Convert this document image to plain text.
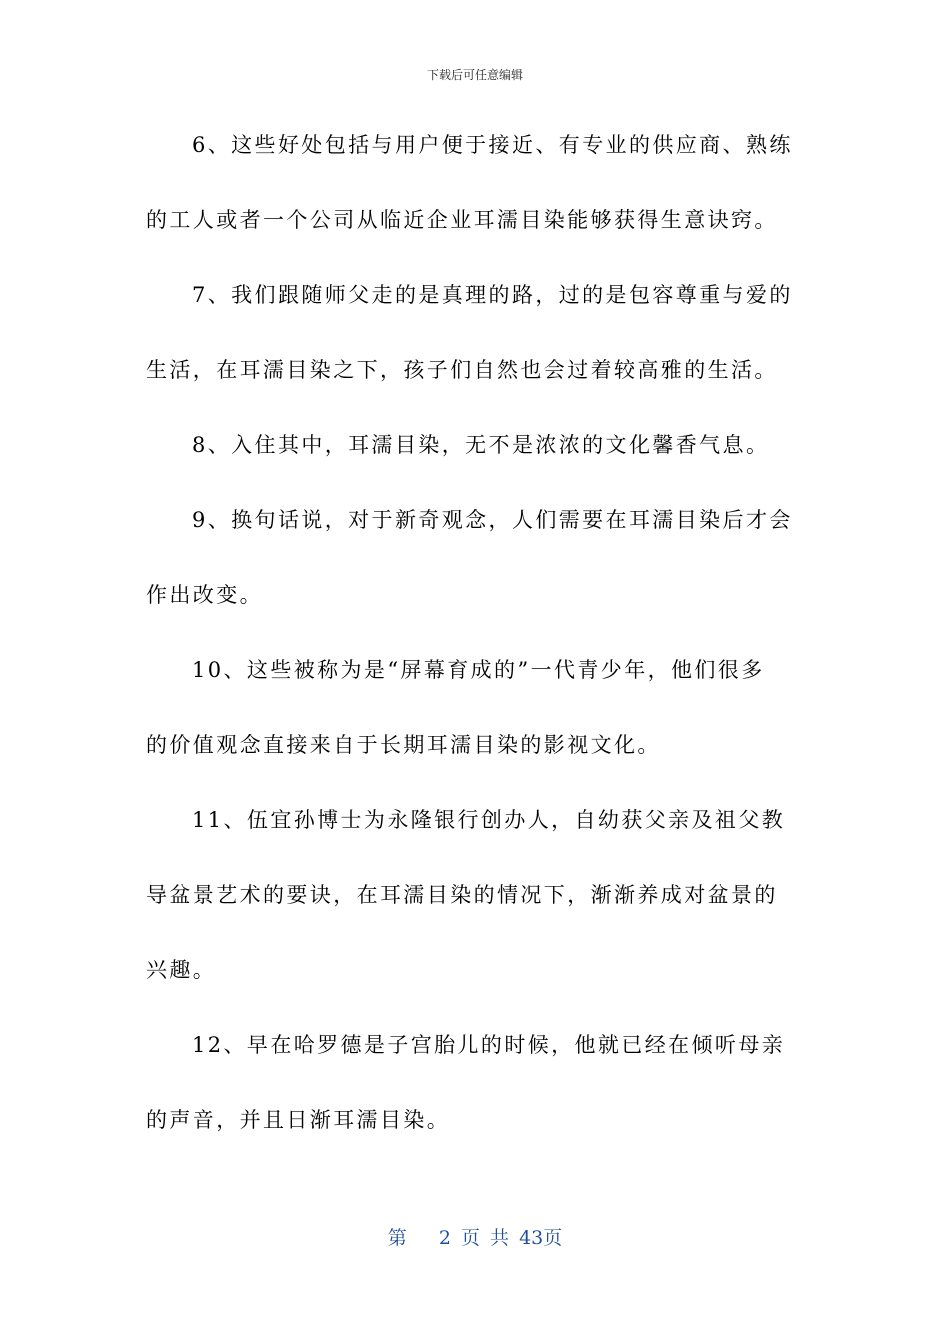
下载后可任意编辑
6、这些好处包括与用户便于接近、有专业的供应商、熟练
的工人或者一个公司从临近企业耳濡目染能够获得生意诀窍。
7、我们跟随师父走的是真理的路，过的是包容尊重与爱的
生活，在耳濡目染之下，孩子们自然也会过着较高雅的生活。
8、入住其中，耳濡目染，无不是浓浓的文化馨香气息。
9、换句话说，对于新奇观念，人们需要在耳濡目染后才会
作出改变。
10、这些被称为是“屏幕育成的”一代青少年，他们很多
的价值观念直接来自于长期耳濡目染的影视文化。
11、伍宜孙博士为永隆银行创办人，自幼获父亲及祖父教
导盆景艺术的要诀，在耳濡目染的情况下，渐渐养成对盆景的
兴趣。
12、早在哈罗德是子宫胎儿的时候，他就已经在倾听母亲
的声音，并且日渐耳濡目染。
第 2 页 共 43页
